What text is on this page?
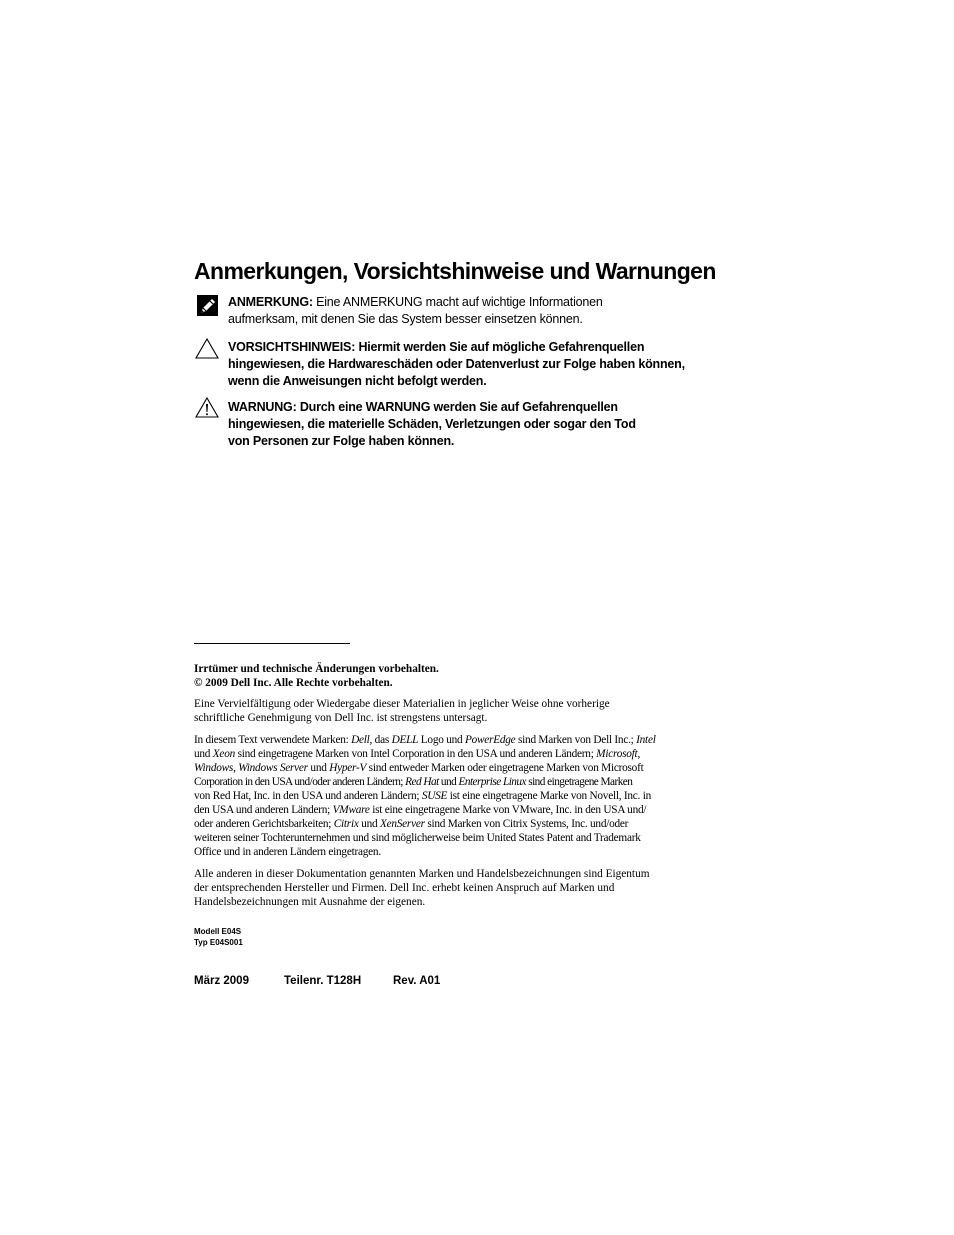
Anmerkungen, Vorsichtshinweise und Warnungen
ANMERKUNG: Eine ANMERKUNG macht auf wichtige Informationen
aufmerksam, mit denen Sie das System besser einsetzen können.
VORSICHTSHINWEIS: Hiermit werden Sie auf mögliche Gefahrenquellen
hingewiesen, die Hardwareschäden oder Datenverlust zur Folge haben können,
wenn die Anweisungen nicht befolgt werden.
WARNUNG: Durch eine WARNUNG werden Sie auf Gefahrenquellen
hingewiesen, die materielle Schäden, Verletzungen oder sogar den Tod
von Personen zur Folge haben können.

Irrtümer und technische Änderungen vorbehalten.

© 2009 Dell Inc. Alle Rechte vorbehalten.

Eine Vervielfältigung oder Wiedergabe dieser Materialien in jeglicher Weise ohne vorherige

schriftliche Genehmigung von Dell Inc. ist strengstens untersagt.

In diesem Text verwendete Marken: Dell, das DELL Logo und PowerEdge sind Marken von Dell Inc.; Intel

und Xeon sind eingetragene Marken von Intel Corporation in den USA und anderen Ländern; Microsoft,

Windows, Windows Server und Hyper-V sind entweder Marken oder eingetragene Marken von Microsoft

Corporation in den USA und/oder anderen Ländern; Red Hat und Enterprise Linux sind eingetragene Marken

von Red Hat, Inc. in den USA und anderen Ländern; SUSE ist eine eingetragene Marke von Novell, Inc. in

den USA und anderen Ländern; VMware ist eine eingetragene Marke von VMware, Inc. in den USA und/

oder anderen Gerichtsbarkeiten; Citrix und XenServer sind Marken von Citrix Systems, Inc. und/oder

weiteren seiner Tochterunternehmen und sind möglicherweise beim United States Patent and Trademark

Office und in anderen Ländern eingetragen.

Alle anderen in dieser Dokumentation genannten Marken und Handelsbezeichnungen sind Eigentum

der entsprechenden Hersteller und Firmen. Dell Inc. erhebt keinen Anspruch auf Marken und

Handelsbezeichnungen mit Ausnahme der eigenen.

Modell E04S
Typ E04S001
März 2009	Teilenr. T128H	Rev. A01
